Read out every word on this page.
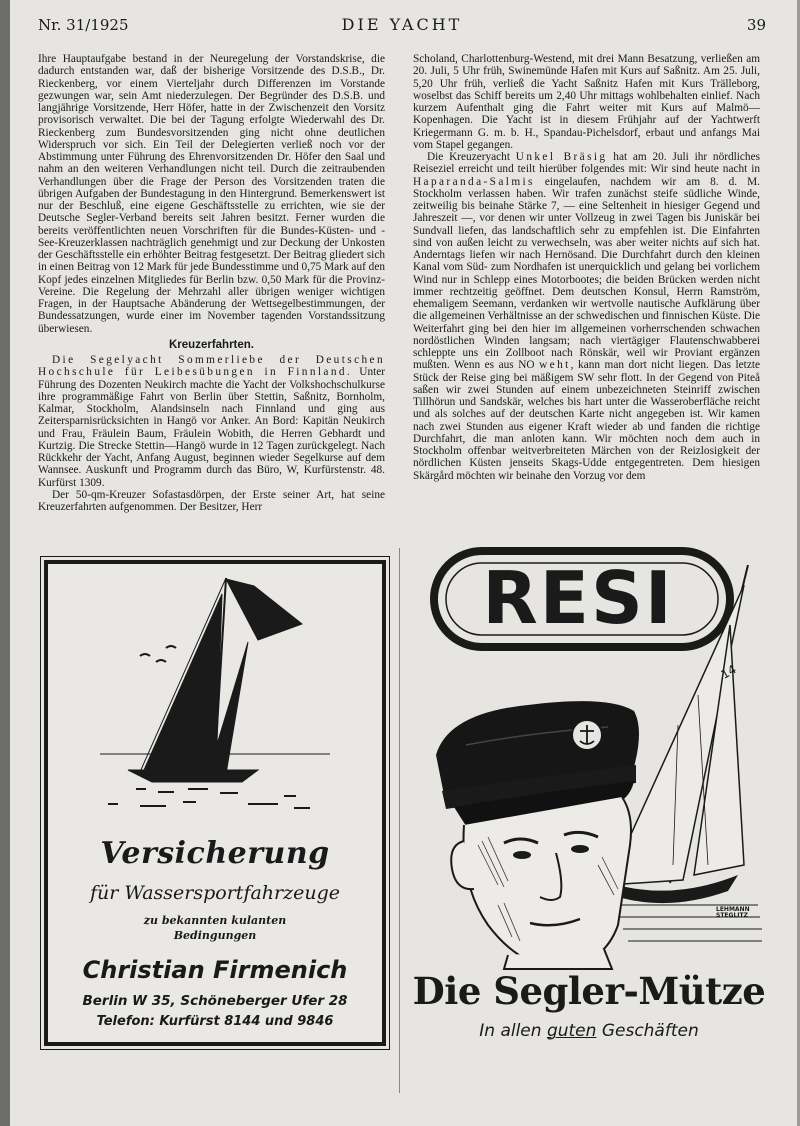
Nr. 31/1925	DIE YACHT	39

Ihre Hauptaufgabe bestand in der Neuregelung der Vorstandskrise, die dadurch entstanden war, daß der bisherige Vorsitzende des D.S.B., Dr. Rieckenberg, vor einem Vierteljahr durch Differenzen im Vorstande gezwungen war, sein Amt niederzulegen. Der Begründer des D.S.B. und langjährige Vorsitzende, Herr Höfer, hatte in der Zwischenzeit den Vorsitz provisorisch verwaltet. Die bei der Tagung erfolgte Wiederwahl des Dr. Rieckenberg zum Bundesvorsitzenden ging nicht ohne deutlichen Widerspruch vor sich. Ein Teil der Delegierten verließ noch vor der Abstimmung unter Führung des Ehrenvorsitzenden Dr. Höfer den Saal und nahm an den weiteren Verhandlungen nicht teil. Durch die zeitraubenden Verhandlungen über die Frage der Person des Vorsitzenden traten die übrigen Aufgaben der Bundestagung in den Hintergrund. Bemerkenswert ist nur der Beschluß, eine eigene Geschäftsstelle zu errichten, wie sie der Deutsche Segler-Verband bereits seit Jahren besitzt. Ferner wurden die bereits veröffentlichten neuen Vorschriften für die Bundes-Küsten- und -See-Kreuzerklassen nachträglich genehmigt und zur Deckung der Unkosten der Geschäftsstelle ein erhöhter Beitrag festgesetzt. Der Beitrag gliedert sich in einen Beitrag von 12 Mark für jede Bundesstimme und 0,75 Mark auf den Kopf jedes einzelnen Mitgliedes für Berlin bzw. 0,50 Mark für die Provinz-Vereine. Die Regelung der Mehrzahl aller übrigen weniger wichtigen Fragen, in der Hauptsache Abänderung der Wettsegelbestimmungen, der Bundessatzungen, wurde einer im November tagenden Vorstandssitzung überwiesen.

Kreuzerfahrten.

Die Segelyacht Sommerliebe der Deutschen Hochschule für Leibesübungen in Finnland. Unter Führung des Dozenten Neukirch machte die Yacht der Volkshochschulkurse ihre programmäßige Fahrt von Berlin über Stettin, Saßnitz, Bornholm, Kalmar, Stockholm, Alandsinseln nach Finnland und ging aus Zeitersparnisrücksichten in Hangö vor Anker. An Bord: Kapitän Neukirch und Frau, Fräulein Baum, Fräulein Wobith, die Herren Gebhardt und Kurtzig. Die Strecke Stettin—Hangö wurde in 12 Tagen zurückgelegt. Nach Rückkehr der Yacht, Anfang August, beginnen wieder Segelkurse auf dem Wannsee. Auskunft und Programm durch das Büro, W, Kurfürstenstr. 48. Kurfürst 1309.

Der 50-qm-Kreuzer Sofastasdörpen, der Erste seiner Art, hat seine Kreuzerfahrten aufgenommen. Der Besitzer, Herr

Scholand, Charlottenburg-Westend, mit drei Mann Besatzung, verließen am 20. Juli, 5 Uhr früh, Swinemünde Hafen mit Kurs auf Saßnitz. Am 25. Juli, 5,20 Uhr früh, verließ die Yacht Saßnitz Hafen mit Kurs Trälleborg, woselbst das Schiff bereits um 2,40 Uhr mittags wohlbehalten einlief. Nach kurzem Aufenthalt ging die Fahrt weiter mit Kurs auf Malmö—Kopenhagen. Die Yacht ist in diesem Frühjahr auf der Yachtwerft Kriegermann G. m. b. H., Spandau-Pichelsdorf, erbaut und anfangs Mai vom Stapel gegangen.

Die Kreuzeryacht Unkel Bräsig hat am 20. Juli ihr nördliches Reiseziel erreicht und teilt hierüber folgendes mit: Wir sind heute nacht in Haparanda-Salmis eingelaufen, nachdem wir am 8. d. M. Stockholm verlassen haben. Wir trafen zunächst steife südliche Winde, zeitweilig bis beinahe Stärke 7, — eine Seltenheit in hiesiger Gegend und Jahreszeit —, vor denen wir unter Vollzeug in zwei Tagen bis Juniskär bei Sundvall liefen, das landschaftlich sehr zu empfehlen ist. Die Einfahrten sind von außen leicht zu verwechseln, was aber weiter nichts auf sich hat. Anderntags liefen wir nach Hernösand. Die Durchfahrt durch den kleinen Kanal vom Süd- zum Nordhafen ist unerquicklich und gelang bei vorlichem Wind nur in Schlepp eines Motorbootes; die beiden Brücken werden nicht immer rechtzeitig geöffnet. Dem deutschen Konsul, Herrn Ramström, ehemaligem Seemann, verdanken wir wertvolle nautische Aufklärung über die allgemeinen Verhältnisse an der schwedischen und finnischen Küste. Die Weiterfahrt ging bei den hier im allgemeinen vorherrschenden schwachen nordöstlichen Winden langsam; nach viertägiger Flautenschwabberei schleppte uns ein Zollboot nach Rönskär, weil wir Proviant ergänzen mußten. Wenn es aus NO weht, kann man dort nicht liegen. Das letzte Stück der Reise ging bei mäßigem SW sehr flott. In der Gegend von Piteå saßen wir zwei Stunden auf einem unbezeichneten Steinriff zwischen Tillhörun und Sandskär, welches bis hart unter die Wasseroberfläche reicht und als solches auf der deutschen Karte nicht angegeben ist. Wir kamen nach zwei Stunden aus eigener Kraft wieder ab und fanden die richtige Durchfahrt, die man anloten kann. Wir möchten noch dem auch in Stockholm offenbar weitverbreiteten Märchen von der Reizlosigkeit der nördlichen Küsten jenseits Skags-Udde entgegentreten. Dem hiesigen Skärgård möchten wir beinahe den Vorzug vor dem

Versicherung
für Wassersportfahrzeuge
zu bekannten kulanten
Bedingungen
Christian Firmenich
Berlin W 35, Schöneberger Ufer 28
Telefon: Kurfürst 8144 und 9846
RESI
LEHMANN
STEGLITZ
Die Segler-Mütze
In allen guten Geschäften
14
